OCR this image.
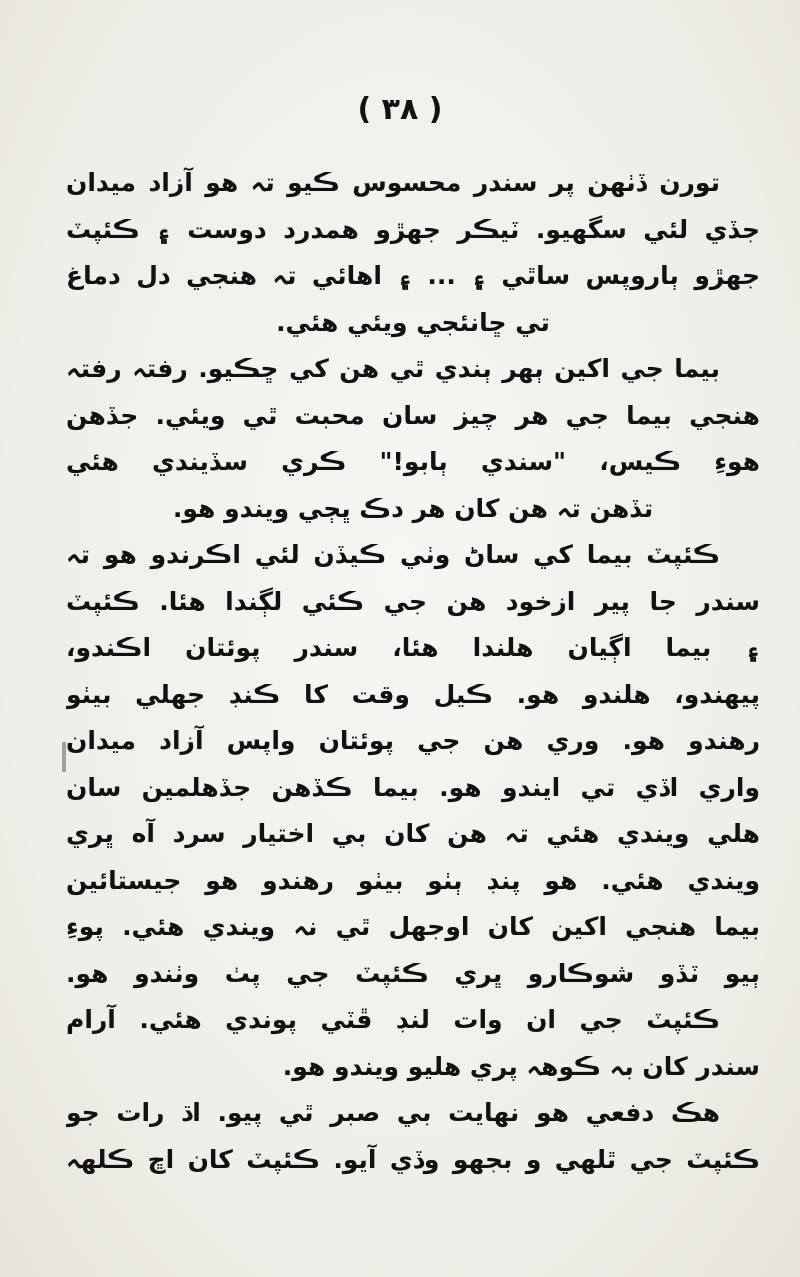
( ۳۸ )
تورن ڏٺهن پر سندر محسوس ڪيو تہ هو آزاد ميدان
جڏي لئي سگهيو. ٽيڪر جهڙو همدرد دوست ۽ ڪئپٽ
جهڙو ٻاروپس ساٿي ۽ ... ۽ اهائي تہ هنجي دل دماغ
تي ڇانئجي ويئي هئي.
بيما جي اکين ٻهر ٻندي ٿي هن کي ڇڪيو. رفتہ رفتہ
هنجي بيما جي هر چيز سان محبت ٿي ويئي. جڏهن
هوءِ ڪيس، "سندي ٻابو!" ڪري سڏيندي هئي
تڏهن تہ هن کان هر دڪ ڀڄي ويندو هو.
ڪئپٽ بيما کي ساڻ وٺي ڪيڏن لئي اڪرندو هو تہ
سندر جا پير ازخود هن جي ڪئي لڳندا هئا. ڪئپٽ
۽ بيما اڳيان هلندا هئا، سندر پوئتان اڪندو،
پيهندو، هلندو هو. ڪيل وقت کا ڪنڊ جهلي بيٺو
رهندو هو. وري هن جي پوئتان واپس آزاد ميدان
واري اڏي تي ايندو هو. بيما ڪڏهن جڏهلمين سان
هلي ويندي هئي تہ هن کان بي اختيار سرد آه ڀري
ويندي هئي. هو پنڊ ٻٺو بيٺو رهندو هو جيستائين
بيما هنجي اکين کان اوجهل ٿي نہ ويندي هئي. پوءِ
ٻيو ٽڏو شوڪارو ڀري ڪئپٽ جي پٺ وٺندو هو.
ڪئپٽ جي ان وات لنڊ ڦٽي پوندي هئي. آرام
سندر کان بہ ڪوهہ پري هليو ويندو هو.
هڪ دفعي هو نهايت بي صبر ٿي پيو. اڌ رات جو
ڪئپٽ جي ٿلهي و بجهو وڏي آيو. ڪئپٽ کان اڇ ڪلهہ
